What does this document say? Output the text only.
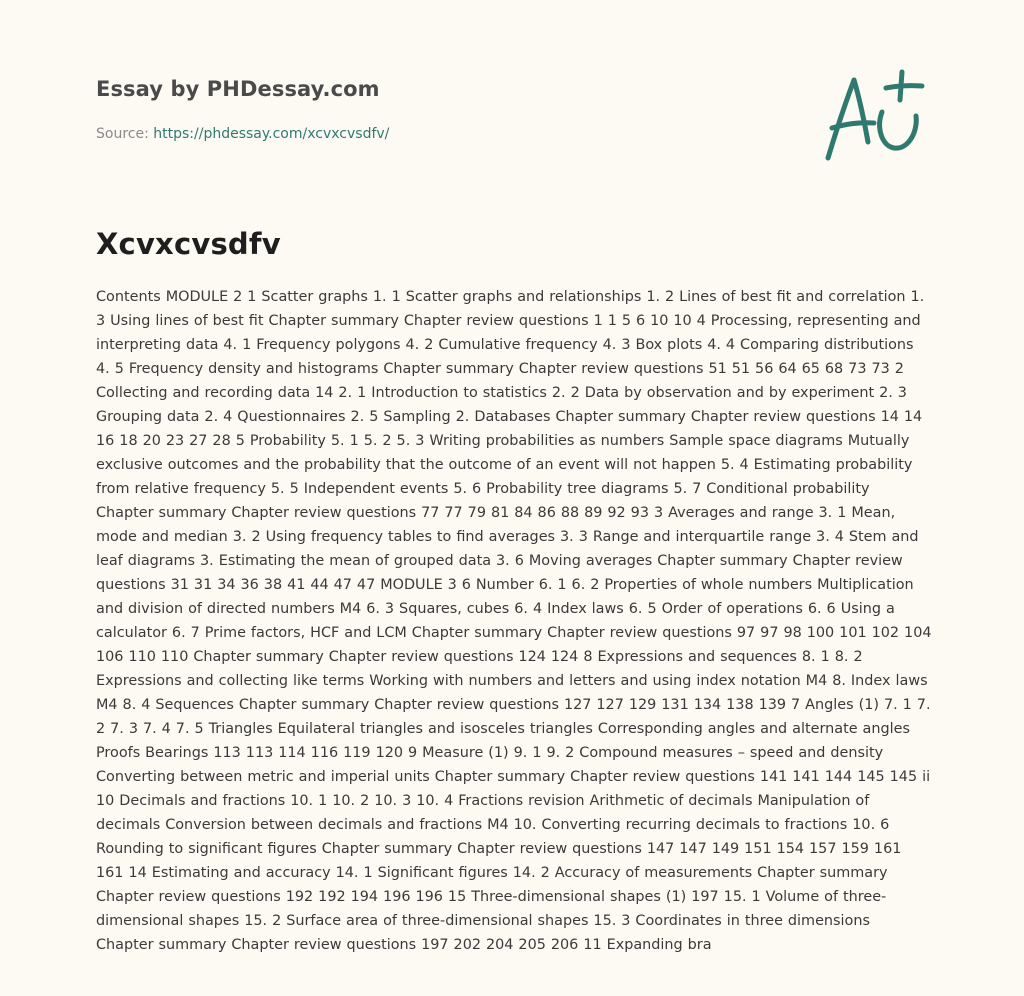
Essay by PHDessay.com
Source: https://phdessay.com/xcvxcvsdfv/
Xcvxcvsdfv

Contents MODULE 2 1 Scatter graphs 1. 1 Scatter graphs and relationships 1. 2 Lines of best fit and correlation 1. 3 Using lines of best fit Chapter summary Chapter review questions 1 1 5 6 10 10 4 Processing, representing and interpreting data 4. 1 Frequency polygons 4. 2 Cumulative frequency 4. 3 Box plots 4. 4 Comparing distributions 4. 5 Frequency density and histograms Chapter summary Chapter review questions 51 51 56 64 65 68 73 73 2 Collecting and recording data 14 2. 1 Introduction to statistics 2. 2 Data by observation and by experiment 2. 3 Grouping data 2. 4 Questionnaires 2. 5 Sampling 2. Databases Chapter summary Chapter review questions 14 14 16 18 20 23 27 28 5 Probability 5. 1 5. 2 5. 3 Writing probabilities as numbers Sample space diagrams Mutually exclusive outcomes and the probability that the outcome of an event will not happen 5. 4 Estimating probability from relative frequency 5. 5 Independent events 5. 6 Probability tree diagrams 5. 7 Conditional probability Chapter summary Chapter review questions 77 77 79 81 84 86 88 89 92 93 3 Averages and range 3. 1 Mean, mode and median 3. 2 Using frequency tables to find averages 3. 3 Range and interquartile range 3. 4 Stem and leaf diagrams 3. Estimating the mean of grouped data 3. 6 Moving averages Chapter summary Chapter review questions 31 31 34 36 38 41 44 47 47 MODULE 3 6 Number 6. 1 6. 2 Properties of whole numbers Multiplication and division of directed numbers M4 6. 3 Squares, cubes 6. 4 Index laws 6. 5 Order of operations 6. 6 Using a calculator 6. 7 Prime factors, HCF and LCM Chapter summary Chapter review questions 97 97 98 100 101 102 104 106 110 110 Chapter summary Chapter review questions 124 124 8 Expressions and sequences 8. 1 8. 2 Expressions and collecting like terms Working with numbers and letters and using index notation M4 8. Index laws M4 8. 4 Sequences Chapter summary Chapter review questions 127 127 129 131 134 138 139 7 Angles (1) 7. 1 7. 2 7. 3 7. 4 7. 5 Triangles Equilateral triangles and isosceles triangles Corresponding angles and alternate angles Proofs Bearings 113 113 114 116 119 120 9 Measure (1) 9. 1 9. 2 Compound measures – speed and density Converting between metric and imperial units Chapter summary Chapter review questions 141 141 144 145 145 ii 10 Decimals and fractions 10. 1 10. 2 10. 3 10. 4 Fractions revision Arithmetic of decimals Manipulation of decimals Conversion between decimals and fractions M4 10. Converting recurring decimals to fractions 10. 6 Rounding to significant figures Chapter summary Chapter review questions 147 147 149 151 154 157 159 161 161 14 Estimating and accuracy 14. 1 Significant figures 14. 2 Accuracy of measurements Chapter summary Chapter review questions 192 192 194 196 196 15 Three-dimensional shapes (1) 197 15. 1 Volume of three-dimensional shapes 15. 2 Surface area of three-dimensional shapes 15. 3 Coordinates in three dimensions Chapter summary Chapter review questions 197 202 204 205 206 11 Expanding bra
